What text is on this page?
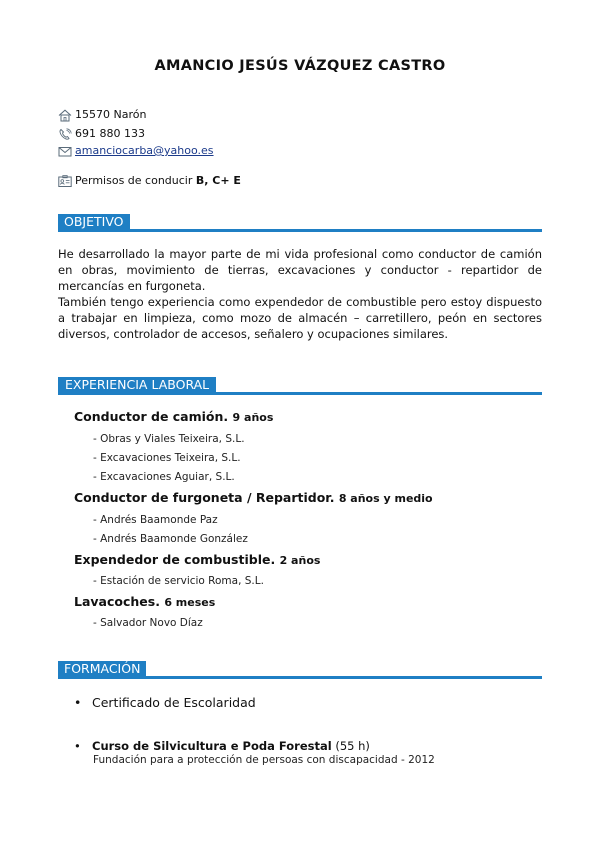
AMANCIO JESÚS VÁZQUEZ CASTRO
15570 Narón
691 880 133
amanciocarba@yahoo.es
Permisos de conducir
B, C+ E
OBJETIVO

He desarrollado la mayor parte de mi vida profesional como conductor de camión en obras, movimiento de tierras, excavaciones y conductor - repartidor de mercancías en furgoneta.

También tengo experiencia como expendedor de combustible pero estoy dispuesto a trabajar en limpieza, como mozo de almacén – carretillero, peón en sectores diversos, controlador de accesos, señalero y ocupaciones similares.

EXPERIENCIA LABORAL
Conductor de camión. 9 años
- Obras y Viales Teixeira, S.L.
- Excavaciones Teixeira, S.L.
- Excavaciones Aguiar, S.L.
Conductor de furgoneta / Repartidor. 8 años y medio
- Andrés Baamonde Paz
- Andrés Baamonde González
Expendedor de combustible. 2 años
- Estación de servicio Roma, S.L.
Lavacoches. 6 meses
- Salvador Novo Díaz
FORMACIÓN
• Certificado de Escolaridad
• Curso de Silvicultura e Poda Forestal (55 h)
Fundación para a protección de persoas con discapacidad - 2012
